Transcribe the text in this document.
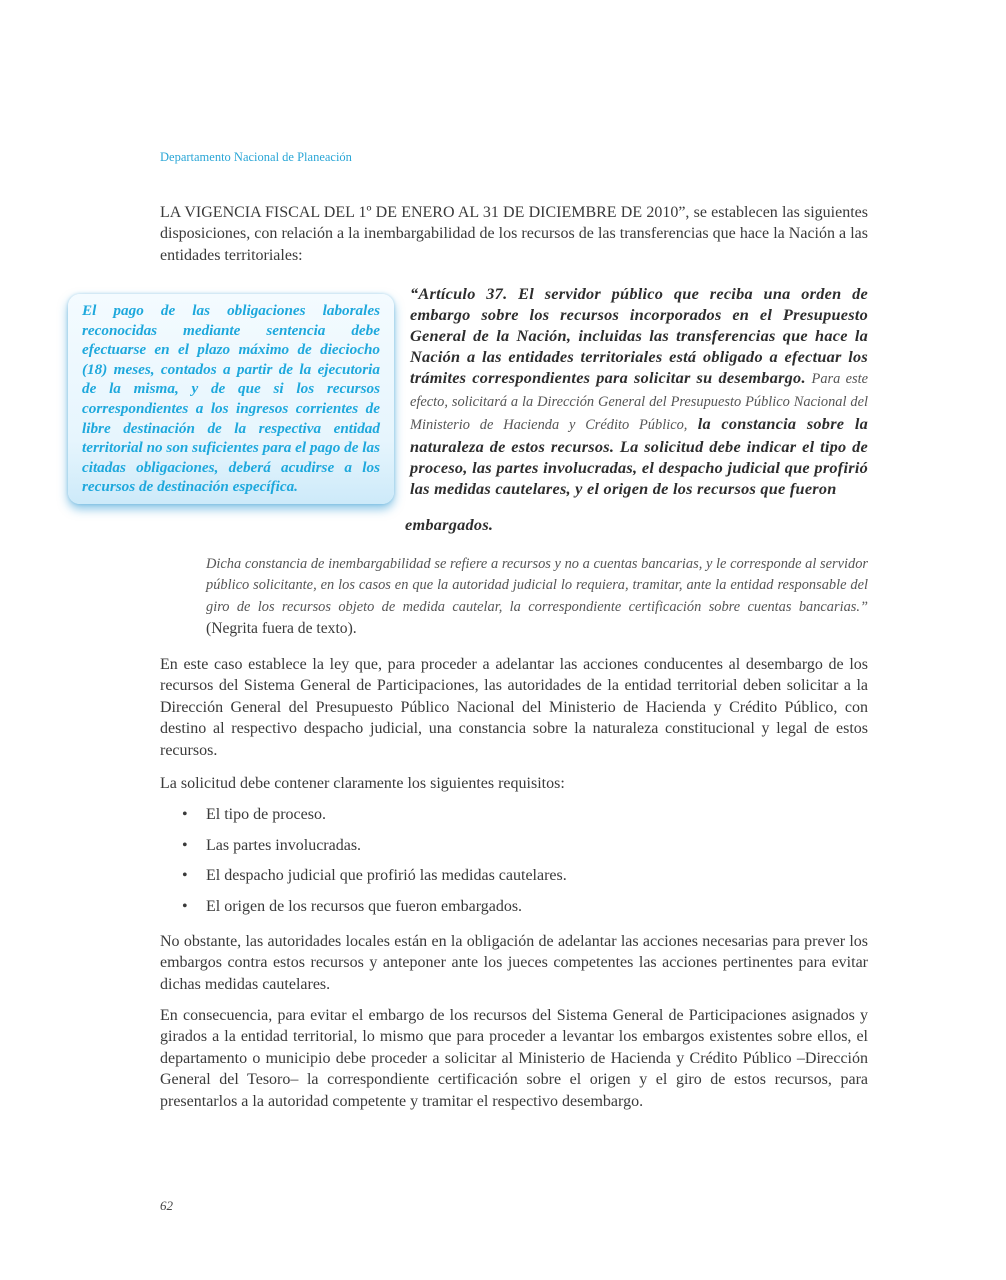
Departamento Nacional de Planeación

LA VIGENCIA FISCAL DEL 1º DE ENERO AL 31 DE DICIEMBRE DE 2010”, se establecen las siguientes disposiciones, con relación a la inembargabilidad de los recursos de las transferencias que hace la Nación a las entidades territoriales:

El pago de las obligaciones laborales reconocidas mediante sentencia debe efectuarse en el plazo máximo de dieciocho (18) meses, contados a partir de la ejecutoria de la misma, y de que si los recursos correspondientes a los ingresos corrientes de libre destinación de la respectiva entidad territorial no son suficientes para el pago de las citadas obligaciones, deberá acudirse a los recursos de destinación específica.

“Artículo 37. El servidor público que reciba una orden de embargo sobre los recursos incorporados en el Presupuesto General de la Nación, incluidas las transferencias que hace la Nación a las entidades territoriales está obligado a efectuar los trámites correspondientes para solicitar su desembargo. Para este efecto, solicitará a la Dirección General del Presupuesto Público Nacional del Ministerio de Hacienda y Crédito Público, la constancia sobre la naturaleza de estos recursos. La solicitud debe indicar el tipo de proceso, las partes involucradas, el despacho judicial que profirió las medidas cautelares, y el origen de los recursos que fueron

embargados.

Dicha constancia de inembargabilidad se refiere a recursos y no a cuentas bancarias, y le corresponde al servidor público solicitante, en los casos en que la autoridad judicial lo requiera, tramitar, ante la entidad responsable del giro de los recursos objeto de medida cautelar, la correspondiente certificación sobre cuentas bancarias.” (Negrita fuera de texto).

En este caso establece la ley que, para proceder a adelantar las acciones conducentes al desembargo de los recursos del Sistema General de Participaciones, las autoridades de la entidad territorial deben solicitar a la Dirección General del Presupuesto Público Nacional del Ministerio de Hacienda y Crédito Público, con destino al respectivo despacho judicial, una constancia sobre la naturaleza constitucional y legal de estos recursos.

La solicitud debe contener claramente los siguientes requisitos:

•	El tipo de proceso.
•	Las partes involucradas.
•	El despacho judicial que profirió las medidas cautelares.
•	El origen de los recursos que fueron embargados.

No obstante, las autoridades locales están en la obligación de adelantar las acciones necesarias para prever los embargos contra estos recursos y anteponer ante los jueces competentes las acciones pertinentes para evitar dichas medidas cautelares.

En consecuencia, para evitar el embargo de los recursos del Sistema General de Participaciones asignados y girados a la entidad territorial, lo mismo que para proceder a levantar los embargos existentes sobre ellos, el departamento o municipio debe proceder a solicitar al Ministerio de Hacienda y Crédito Público –Dirección General del Tesoro– la correspondiente certificación sobre el origen y el giro de estos recursos, para presentarlos a la autoridad competente y tramitar el respectivo desembargo.

62
